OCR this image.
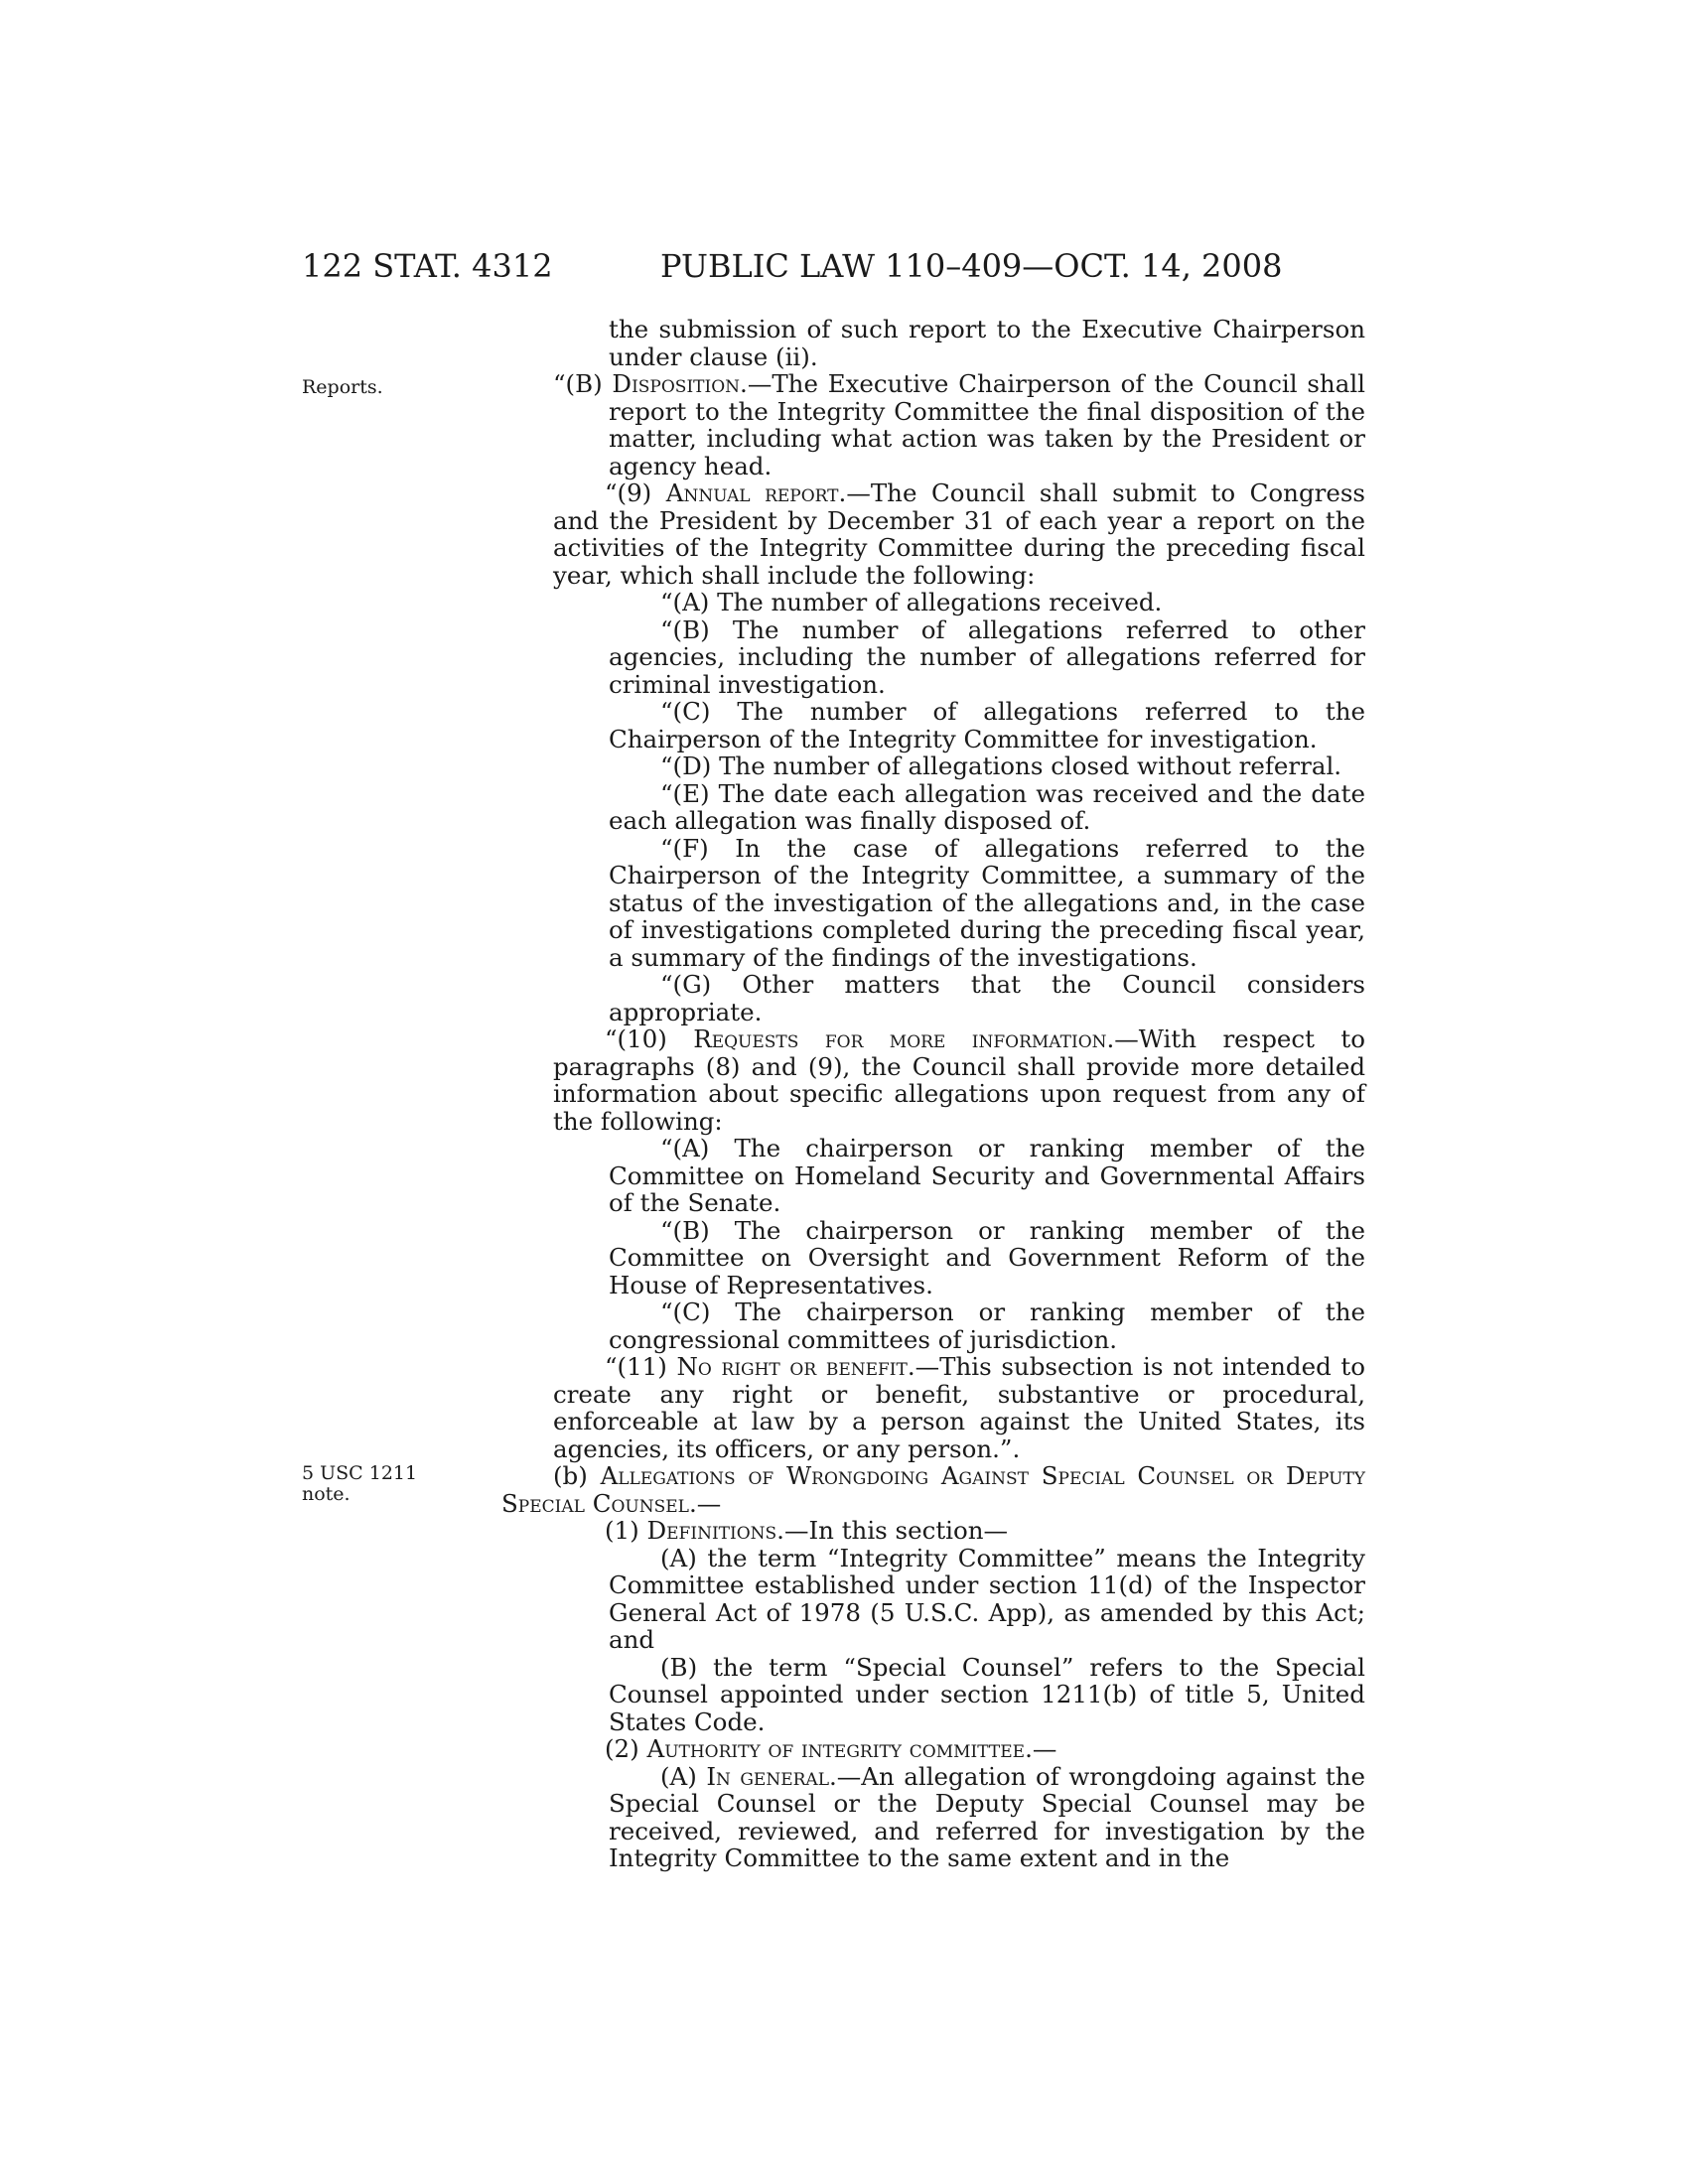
122 STAT. 4312	PUBLIC LAW 110–409—OCT. 14, 2008
Reports.
5 USC 1211
note.

the submission of such report to the Executive Chairperson under clause (ii).

“(B) Disposition.—The Executive Chairperson of the Council shall report to the Integrity Committee the final disposition of the matter, including what action was taken by the President or agency head.

“(9) Annual report.—The Council shall submit to Congress and the President by December 31 of each year a report on the activities of the Integrity Committee during the preceding fiscal year, which shall include the following:

“(A) The number of allegations received.

“(B) The number of allegations referred to other agencies, including the number of allegations referred for criminal investigation.

“(C) The number of allegations referred to the Chairperson of the Integrity Committee for investigation.

“(D) The number of allegations closed without referral.

“(E) The date each allegation was received and the date each allegation was finally disposed of.

“(F) In the case of allegations referred to the Chairperson of the Integrity Committee, a summary of the status of the investigation of the allegations and, in the case of investigations completed during the preceding fiscal year, a summary of the findings of the investigations.

“(G) Other matters that the Council considers appropriate.

“(10) Requests for more information.—With respect to paragraphs (8) and (9), the Council shall provide more detailed information about specific allegations upon request from any of the following:

“(A) The chairperson or ranking member of the Committee on Homeland Security and Governmental Affairs of the Senate.

“(B) The chairperson or ranking member of the Committee on Oversight and Government Reform of the House of Representatives.

“(C) The chairperson or ranking member of the congressional committees of jurisdiction.

“(11) No right or benefit.—This subsection is not intended to create any right or benefit, substantive or procedural, enforceable at law by a person against the United States, its agencies, its officers, or any person.”.

(b) Allegations of Wrongdoing Against Special Counsel or Deputy Special Counsel.—

(1) Definitions.—In this section—

(A) the term “Integrity Committee” means the Integrity Committee established under section 11(d) of the Inspector General Act of 1978 (5 U.S.C. App), as amended by this Act; and

(B) the term “Special Counsel” refers to the Special Counsel appointed under section 1211(b) of title 5, United States Code.

(2) Authority of integrity committee.—

(A) In general.—An allegation of wrongdoing against the Special Counsel or the Deputy Special Counsel may be received, reviewed, and referred for investigation by the Integrity Committee to the same extent and in the
